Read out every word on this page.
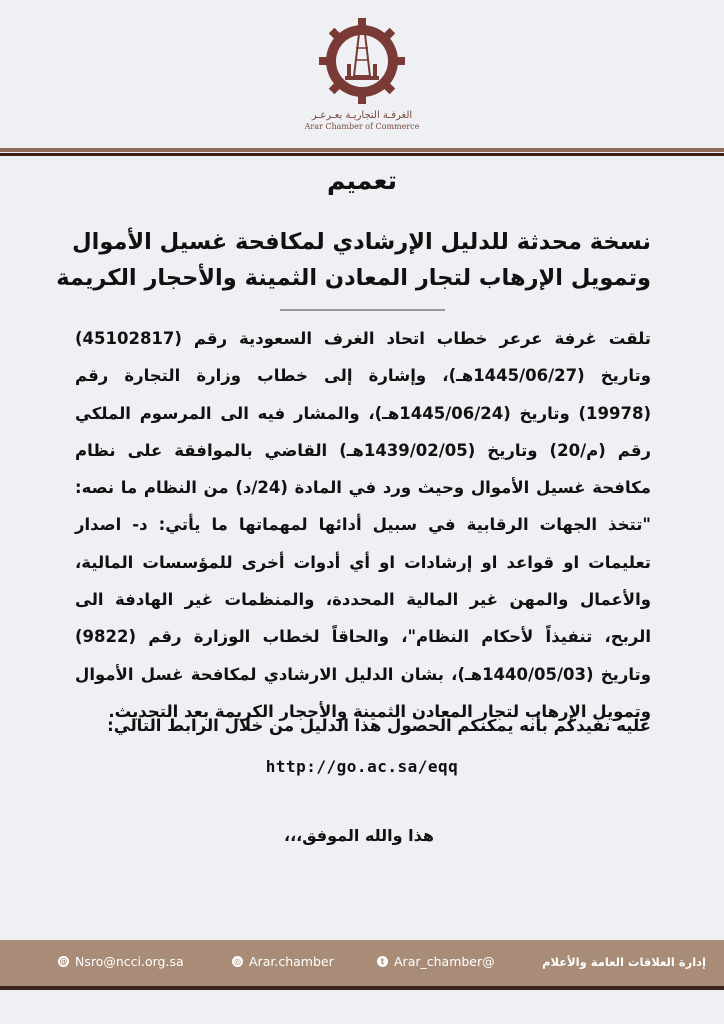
الغرفـة التجاريـة بعـرعـر
Arar Chamber of Commerce
تعميم
نسخة محدثة للدليل الإرشادي لمكافحة غسيل الأموال وتمويل الإرهاب لتجار المعادن الثمينة والأحجار الكريمة
تلقت غرفة عرعر خطاب اتحاد الغرف السعودية رقم (45102817) وتاريخ (1445/06/27هـ)، وإشارة إلى خطاب وزارة التجارة رقم (19978) وتاريخ (1445/06/24هـ)، والمشار فيه الى المرسوم الملكي رقم (م/20) وتاريخ (1439/02/05هـ) القاضي بالموافقة على نظام مكافحة غسيل الأموال وحيث ورد في المادة (24/د) من النظام ما نصه: "تتخذ الجهات الرقابية في سبيل أدائها لمهماتها ما يأتي: د- اصدار تعليمات او قواعد او إرشادات او أي أدوات أخرى للمؤسسات المالية، والأعمال والمهن غير المالية المحددة، والمنظمات غير الهادفة الى الربح، تنفيذاً لأحكام النظام"، والحاقاً لخطاب الوزارة رقم (9822) وتاريخ (1440/05/03هـ)، بشان الدليل الارشادي لمكافحة غسل الأموال وتمويل الإرهاب لتجار المعادن الثمينة والأحجار الكريمة بعد التحديث.
عليه نفيدكم بأنه يمكنكم الحصول هذا الدليل من خلال الرابط التالي:
http://go.ac.sa/eqq
هذا والله الموفق،،،
@ Nsro@ncci.org.sa	◎ Arar.chamber	t Arar_chamber@	إدارة العلاقات العامة والأعلام
